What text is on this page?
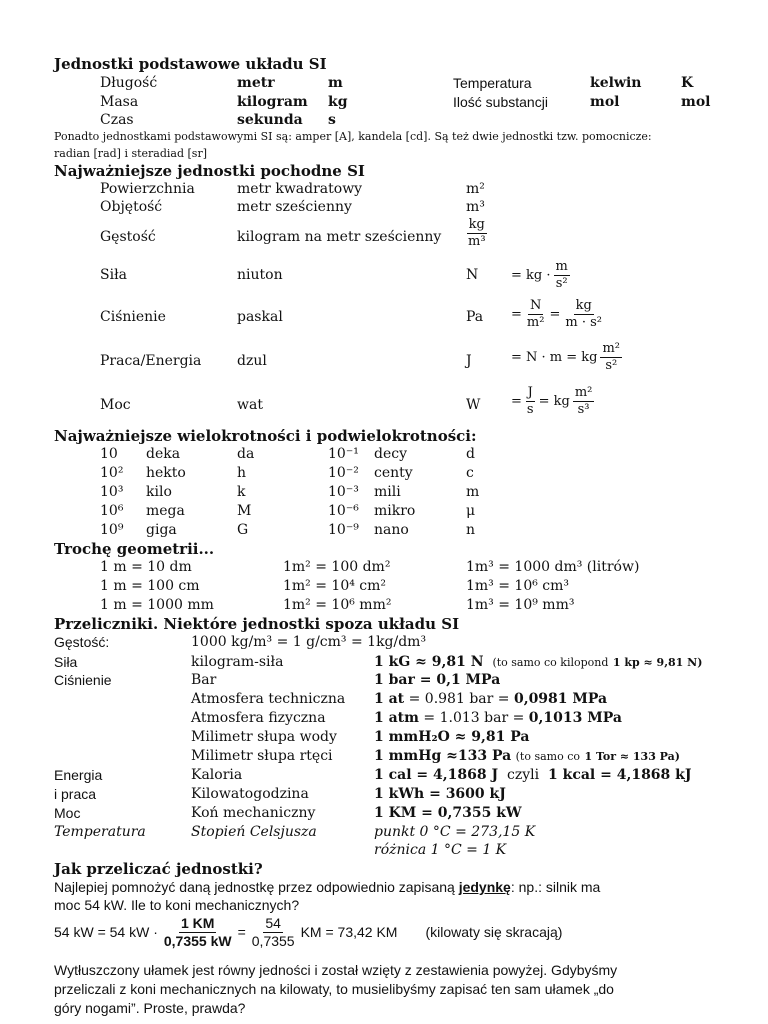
Jednostki podstawowe układu SI
Długość	metr	m	Temperatura	kelwin	K
Masa	kilogram kg	Ilość substancji	mol	mol
Czas	sekunda s
Ponadto jednostkami podstawowymi SI są: amper [A], kandela [cd]. Są też dwie jednostki tzw. pomocnicze:
radian [rad] i steradiad [sr]
Najważniejsze jednostki pochodne SI
Powierzchnia	metr kwadratowy	m²
Objętość	metr sześcienny	m³
Gęstość	kilogram na metr sześcienny $\frac{kg}{\text{m³}}$
Siła	niuton	N	= kg · $\frac{m}{\text{s²}}$
Ciśnienie	paskal	$Pa = \frac{N}{\text{m²}} = \frac{kg}{\text{m · s²}}$
Praca/Energia	dzul	J	= N · m = kg $\frac{\text{m²}}{\text{s²}}$
Moc	wat	$W = \frac{J}{s}$ = kg $\frac{\text{m²}}{\text{s³}}$
Najważniejsze wielokrotności i podwielokrotności:
10 deka	da	10⁻¹ decy	d
10² hekto	h	10⁻² centy	c
10³ kilo	k	10⁻³ mili	m
10⁶ mega	M	10⁻⁶ mikro	μ
10⁹ giga	G	10⁻⁹ nano	n
Trochę geometrii...
1 m = 10 dm	1m² = 100 dm²	1m³ = 1000 dm³ (litrów)
1 m = 100 cm	1m² = 10⁴ cm²	1m³ = 10⁶ cm³
1 m = 1000 mm	1m² = 10⁶ mm²	1m³ = 10⁹ mm³
Przeliczniki. Niektóre jednostki spoza układu SI
Gęstość:	1000 kg/m³ = 1 g/cm³ = 1kg/dm³
Siła	kilogram-siła	1 kG ≈ 9,81 N (to samo co kilopond 1 kp ≈ 9,81 N)
Ciśnienie	Bar	1 bar = 0,1 MPa
Atmosfera techniczna 1 at = 0.981 bar = 0,0981 MPa
Atmosfera fizyczna	1 atm = 1.013 bar = 0,1013 MPa
Milimetr słupa wody	1 mmH₂O ≈ 9,81 Pa
Milimetr słupa rtęci	1 mmHg ≈133 Pa (to samo co 1 Tor ≈ 133 Pa)
Energia	Kaloria	1 cal = 4,1868 J czyli 1 kcal = 4,1868 kJ
i praca	Kilowatogodzina	1 kWh = 3600 kJ
Moc	Koń mechaniczny	1 KM = 0,7355 kW
Temperatura	Stopień Celsjusza	punkt 0 °C = 273,15 K
różnica 1 °C = 1 K
Jak przeliczać jednostki?
Najlepiej pomnożyć daną jednostkę przez odpowiednio zapisaną jedynkę: np.: silnik ma
moc 54 kW. Ile to koni mechanicznych?
54 kW = 54 kW · $\frac{1 KM}{0,7355 kW} = \frac{54}{0,7355}$ KM = 73,42 KM (kilowaty się skracają)
Wytłuszczony ułamek jest równy jedności i został wzięty z zestawienia powyżej. Gdybyśmy
przeliczali z koni mechanicznych na kilowaty, to musielibyśmy zapisać ten sam ułamek „do
góry nogami”. Proste, prawda?
